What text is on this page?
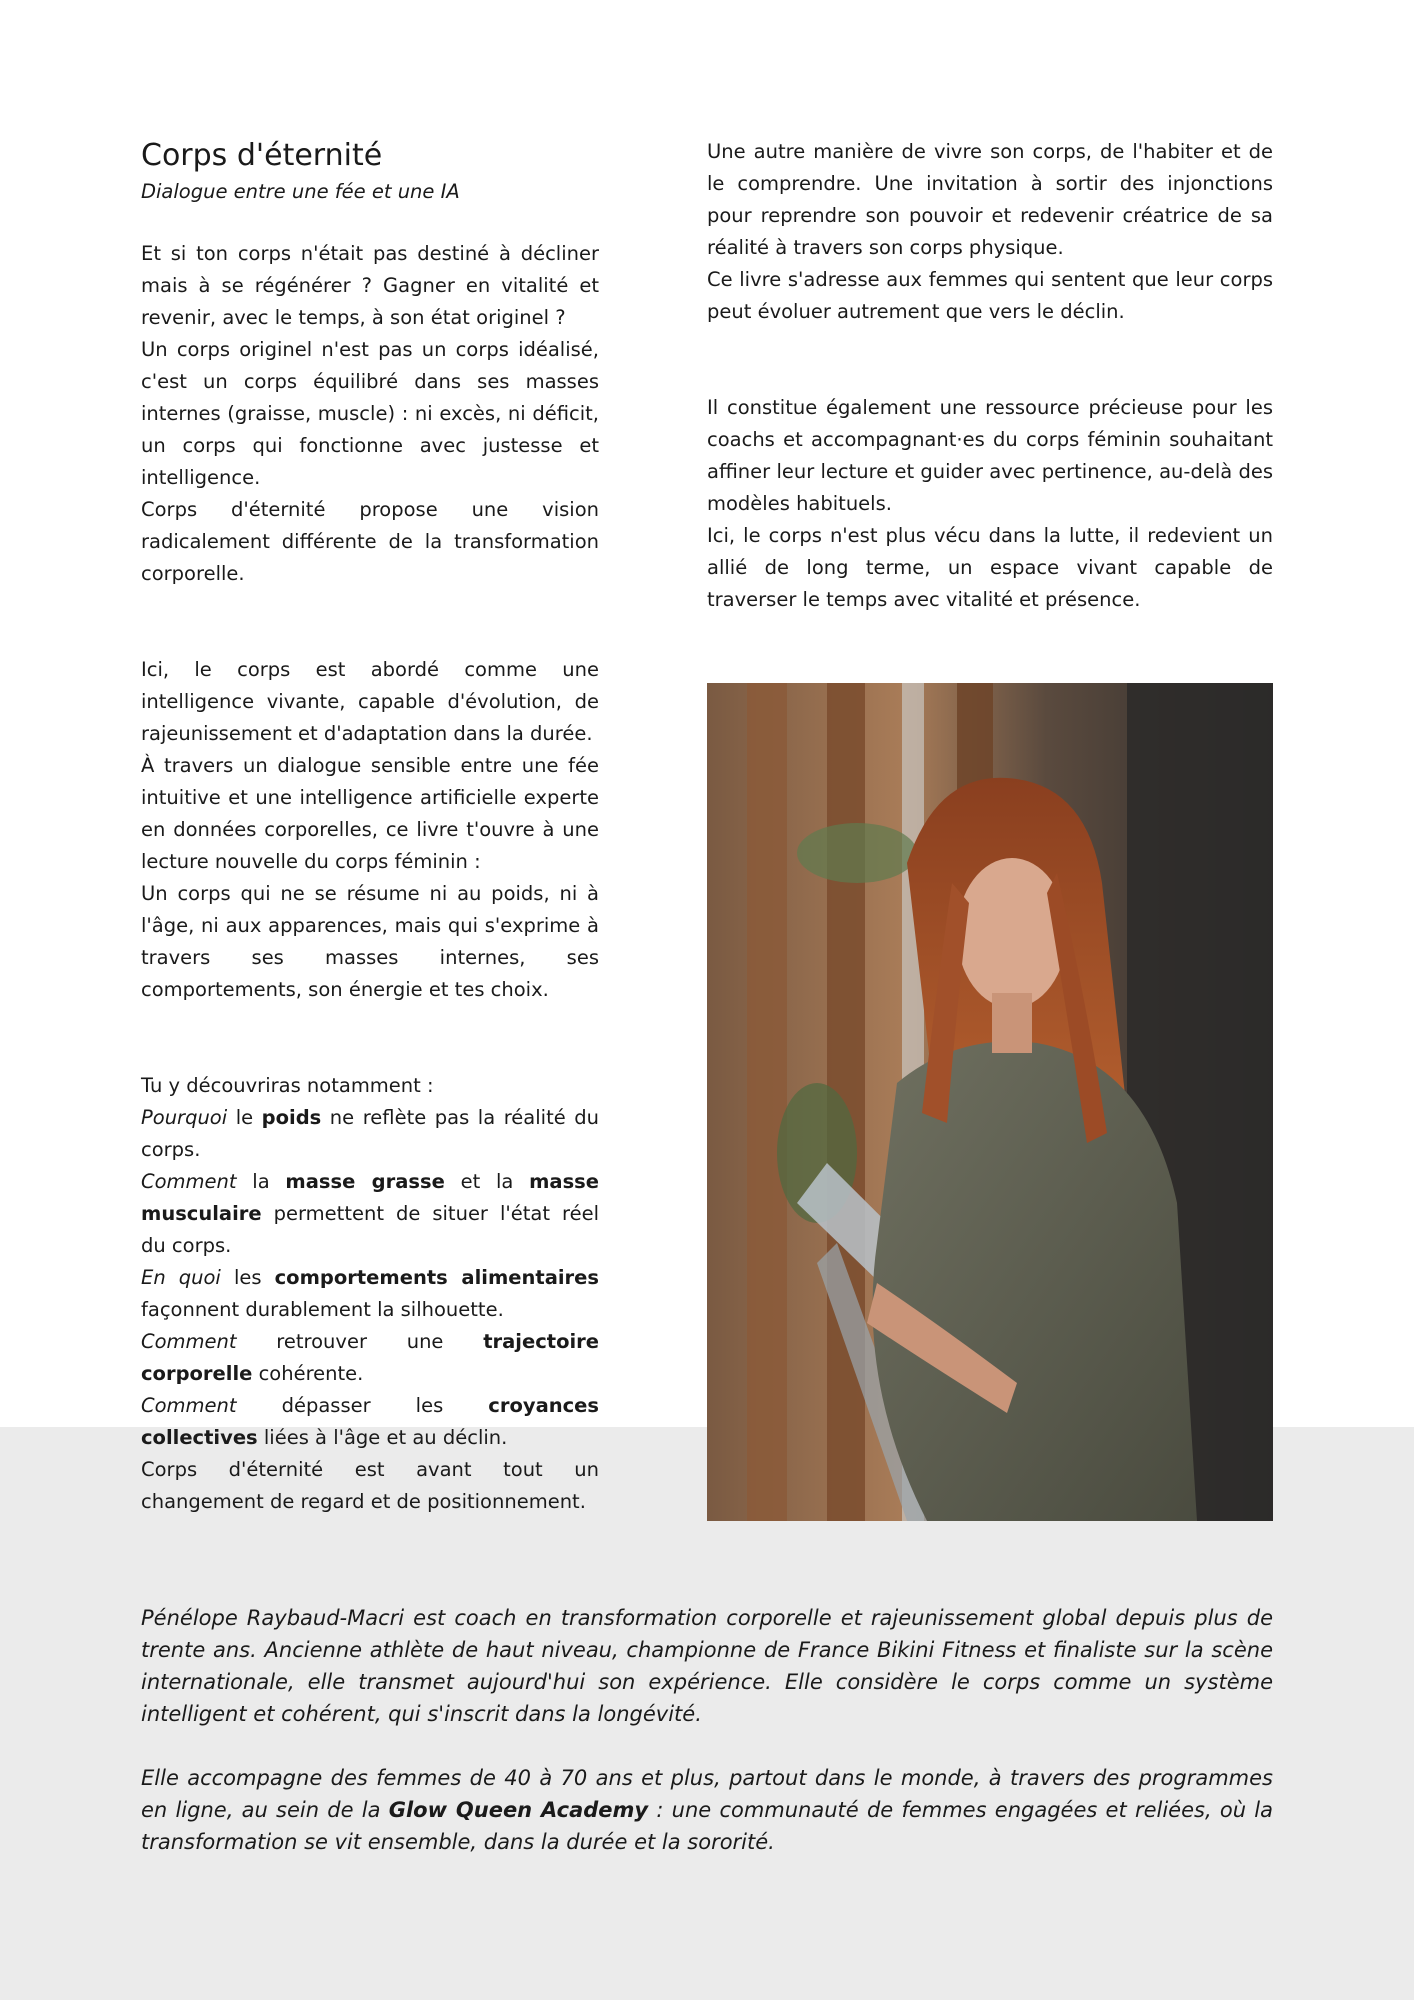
Corps d'éternité

Dialogue entre une fée et une IA

Et si ton corps n'était pas destiné à décliner mais à se régénérer ? Gagner en vitalité et revenir, avec le temps, à son état originel ?

Un corps originel n'est pas un corps idéalisé, c'est un corps équilibré dans ses masses internes (graisse, muscle) : ni excès, ni déficit, un corps qui fonctionne avec justesse et intelligence.

Corps d'éternité propose une vision radicalement différente de la transformation corporelle.

Ici, le corps est abordé comme une intelligence vivante, capable d'évolution, de rajeunissement et d'adaptation dans la durée.

À travers un dialogue sensible entre une fée intuitive et une intelligence artificielle experte en données corporelles, ce livre t'ouvre à une lecture nouvelle du corps féminin :

Un corps qui ne se résume ni au poids, ni à l'âge, ni aux apparences, mais qui s'exprime à travers ses masses internes, ses comportements, son énergie et tes choix.

Tu y découvriras notamment :

Pourquoi le poids ne reflète pas la réalité du corps.

Comment la masse grasse et la masse musculaire permettent de situer l'état réel du corps.

En quoi les comportements alimentaires façonnent durablement la silhouette.

Comment retrouver une trajectoire corporelle cohérente.

Comment dépasser les croyances collectives liées à l'âge et au déclin.

Corps d'éternité est avant tout un changement de regard et de positionnement.

Une autre manière de vivre son corps, de l'habiter et de le comprendre. Une invitation à sortir des injonctions pour reprendre son pouvoir et redevenir créatrice de sa réalité à travers son corps physique.

Ce livre s'adresse aux femmes qui sentent que leur corps peut évoluer autrement que vers le déclin.

Il constitue également une ressource précieuse pour les coachs et accompagnant·es du corps féminin souhaitant affiner leur lecture et guider avec pertinence, au-delà des modèles habituels.

Ici, le corps n'est plus vécu dans la lutte, il redevient un allié de long terme, un espace vivant capable de traverser le temps avec vitalité et présence.

Pénélope Raybaud-Macri est coach en transformation corporelle et rajeunissement global depuis plus de trente ans. Ancienne athlète de haut niveau, championne de France Bikini Fitness et finaliste sur la scène internationale, elle transmet aujourd'hui son expérience. Elle considère le corps comme un système intelligent et cohérent, qui s'inscrit dans la longévité.

Elle accompagne des femmes de 40 à 70 ans et plus, partout dans le monde, à travers des programmes en ligne, au sein de la Glow Queen Academy : une communauté de femmes engagées et reliées, où la transformation se vit ensemble, dans la durée et la sororité.
